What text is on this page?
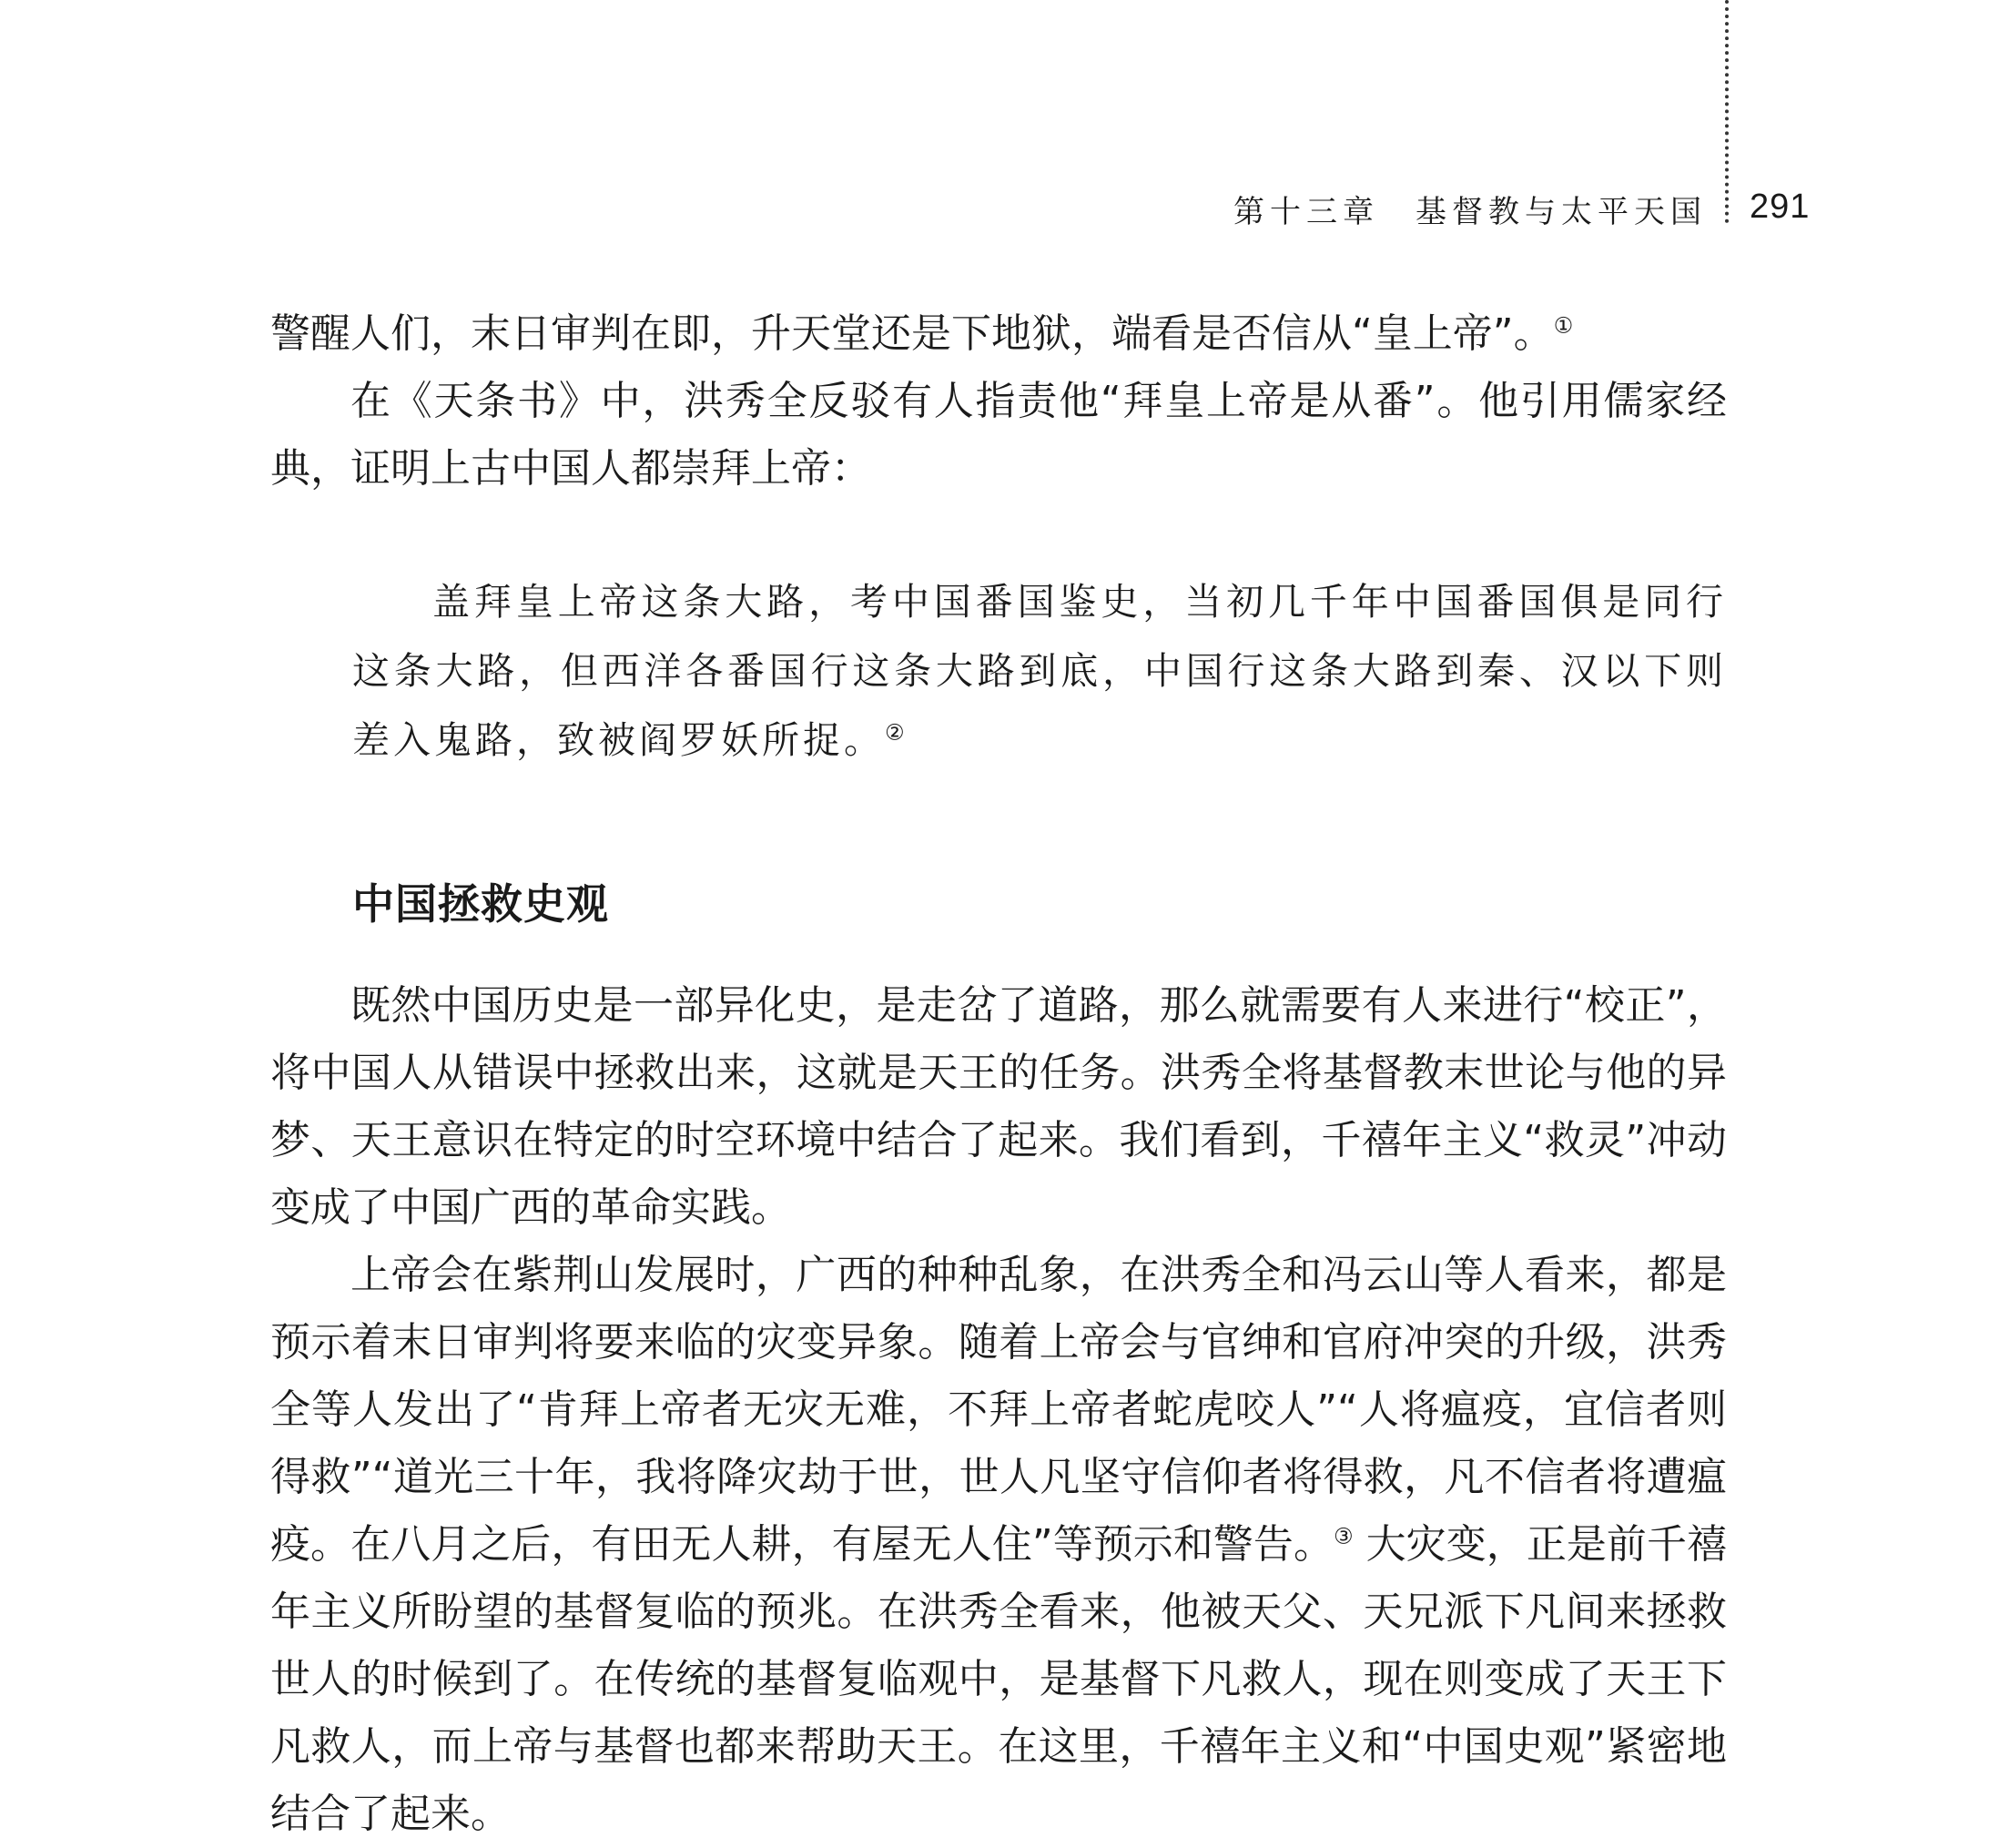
第十三章 基督教与太平天国 291

警醒人们，末日审判在即，升天堂还是下地狱，端看是否信从“皇上帝”。①

在《天条书》中，洪秀全反驳有人指责他“拜皇上帝是从番”。他引用儒家经典，证明上古中国人都崇拜上帝：

盖拜皇上帝这条大路，考中国番国鉴史，当初几千年中国番国俱是同行这条大路，但西洋各番国行这条大路到底，中国行这条大路到秦、汉以下则差入鬼路，致被阎罗妖所捉。②

中国拯救史观

既然中国历史是一部异化史，是走岔了道路，那么就需要有人来进行“校正”，将中国人从错误中拯救出来，这就是天王的任务。洪秀全将基督教末世论与他的异梦、天王意识在特定的时空环境中结合了起来。我们看到，千禧年主义“救灵”冲动变成了中国广西的革命实践。

上帝会在紫荆山发展时，广西的种种乱象，在洪秀全和冯云山等人看来，都是预示着末日审判将要来临的灾变异象。随着上帝会与官绅和官府冲突的升级，洪秀全等人发出了“肯拜上帝者无灾无难，不拜上帝者蛇虎咬人”“人将瘟疫，宜信者则得救”“道光三十年，我将降灾劫于世，世人凡坚守信仰者将得救，凡不信者将遭瘟疫。在八月之后，有田无人耕，有屋无人住”等预示和警告。③ 大灾变，正是前千禧年主义所盼望的基督复临的预兆。在洪秀全看来，他被天父、天兄派下凡间来拯救世人的时候到了。在传统的基督复临观中，是基督下凡救人，现在则变成了天王下凡救人，而上帝与基督也都来帮助天王。在这里，千禧年主义和“中国史观”紧密地结合了起来。
